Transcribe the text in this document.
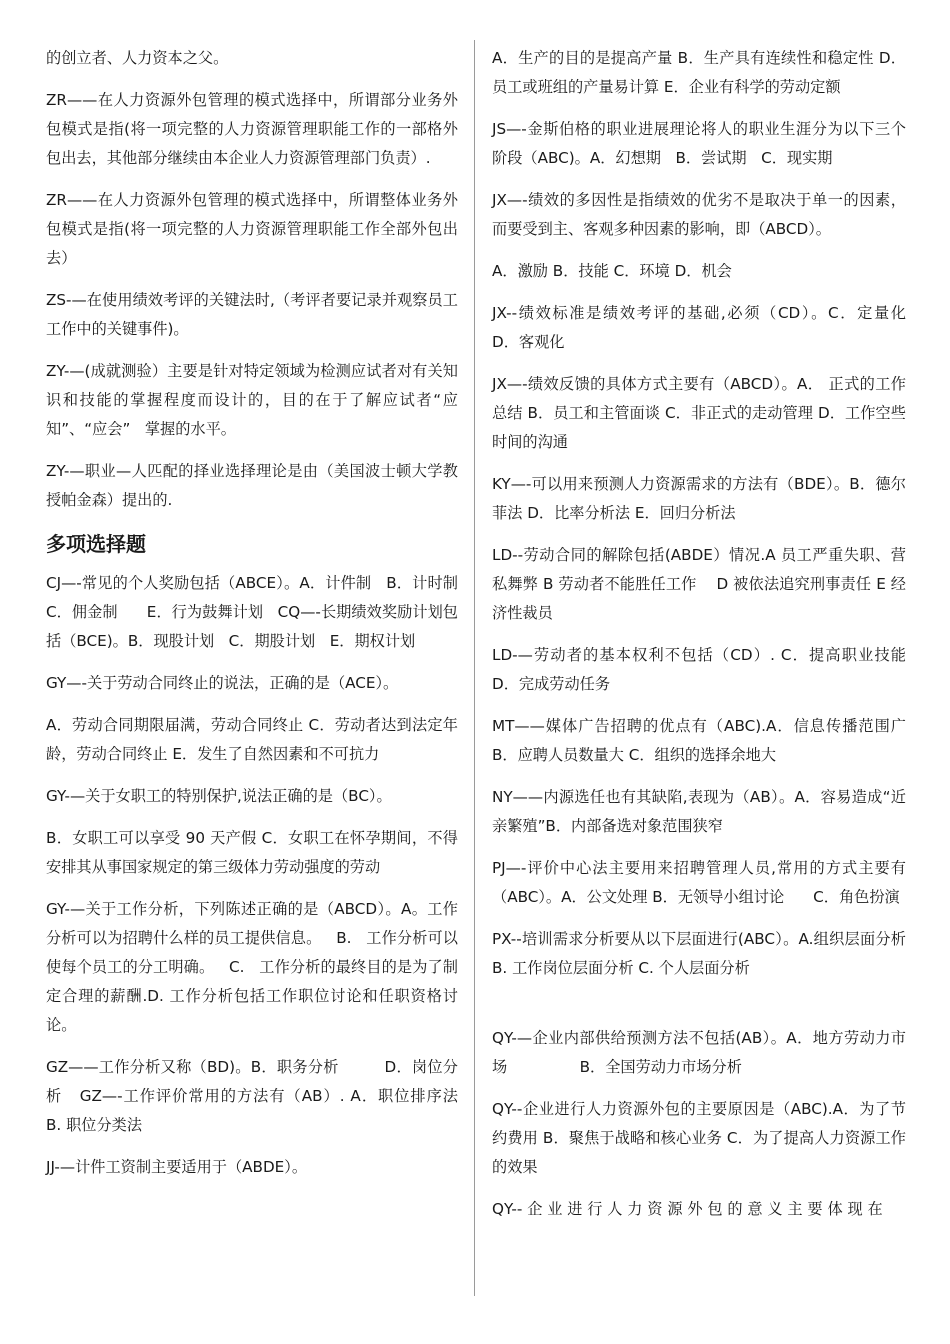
的创立者、人力资本之父。

ZR——在人力资源外包管理的模式选择中，所谓部分业务外包模式是指(将一项完整的人力资源管理职能工作的一部格外包出去，其他部分继续由本企业人力资源管理部门负责）.

ZR——在人力资源外包管理的模式选择中，所谓整体业务外包模式是指(将一项完整的人力资源管理职能工作全部外包出去）

ZS-—在使用绩效考评的关键法时,（考评者要记录并观察员工工作中的关键事件)。

ZY-—(成就测验）主要是针对特定领域为检测应试者对有关知识和技能的掌握程度而设计的，目的在于了解应试者“应知”、“应会”   掌握的水平。

ZY-—职业—人匹配的择业选择理论是由（美国波士顿大学教授帕金森）提出的.

多项选择题

CJ—-常见的个人奖励包括（ABCE）。A．计件制   B．计时制 C．佣金制      E．行为鼓舞计划   CQ—-长期绩效奖励计划包括（BCE)。B．现股计划   C．期股计划   E．期权计划

GY—-关于劳动合同终止的说法，正确的是（ACE）。

A．劳动合同期限届满，劳动合同终止 C．劳动者达到法定年龄，劳动合同终止 E．发生了自然因素和不可抗力

GY-—关于女职工的特别保护,说法正确的是（BC）。

B．女职工可以享受 90 天产假 C．女职工在怀孕期间，不得安排其从事国家规定的第三级体力劳动强度的劳动

GY-—关于工作分析，下列陈述正确的是（ABCD）。A。工作分析可以为招聘什么样的员工提供信息。   B.   工作分析可以使每个员工的分工明确。   C.   工作分析的最终目的是为了制定合理的薪酬.D. 工作分析包括工作职位讨论和任职资格讨论。

GZ——工作分析又称（BD)。B．职务分析         D．岗位分析   GZ—-工作评价常用的方法有（AB）. A．职位排序法   B. 职位分类法

JJ-—计件工资制主要适用于（ABDE）。

A．生产的目的是提高产量 B．生产具有连续性和稳定性 D．员工或班组的产量易计算 E．企业有科学的劳动定额

JS—-金斯伯格的职业进展理论将人的职业生涯分为以下三个阶段（ABC)。A．幻想期   B．尝试期   C．现实期

JX—-绩效的多因性是指绩效的优劣不是取决于单一的因素，而要受到主、客观多种因素的影响，即（ABCD）。

A．激励 B．技能 C．环境 D．机会

JX--绩效标准是绩效考评的基础,必须（CD）。C．定量化   D．客观化

JX—-绩效反馈的具体方式主要有（ABCD）。A． 正式的工作总结 B．员工和主管面谈 C．非正式的走动管理 D．工作空些时间的沟通

KY—-可以用来预测人力资源需求的方法有（BDE）。B．德尔菲法 D．比率分析法 E．回归分析法

LD--劳动合同的解除包括(ABDE）情况.A 员工严重失职、营私舞弊 B 劳动者不能胜任工作    D 被依法追究刑事责任 E 经济性裁员

LD-—劳动者的基本权利不包括（CD）. C．提高职业技能   D．完成劳动任务

MT——媒体广告招聘的优点有（ABC).A．信息传播范围广   B．应聘人员数量大 C．组织的选择余地大

NY——内源选任也有其缺陷,表现为（AB）。A．容易造成“近亲繁殖”B．内部备选对象范围狭窄

PJ—-评价中心法主要用来招聘管理人员,常用的方式主要有（ABC）。A．公文处理 B．无领导小组讨论      C．角色扮演

PX--培训需求分析要从以下层面进行(ABC）。A.组织层面分析      B. 工作岗位层面分析 C. 个人层面分析

QY-—企业内部供给预测方法不包括(AB）。A．地方劳动力市场               B．全国劳动力市场分析

QY--企业进行人力资源外包的主要原因是（ABC).A．为了节约费用 B．聚焦于战略和核心业务 C．为了提高人力资源工作的效果

QY-- 企 业 进 行 人 力 资 源 外 包 的 意 义 主 要 体 现 在
